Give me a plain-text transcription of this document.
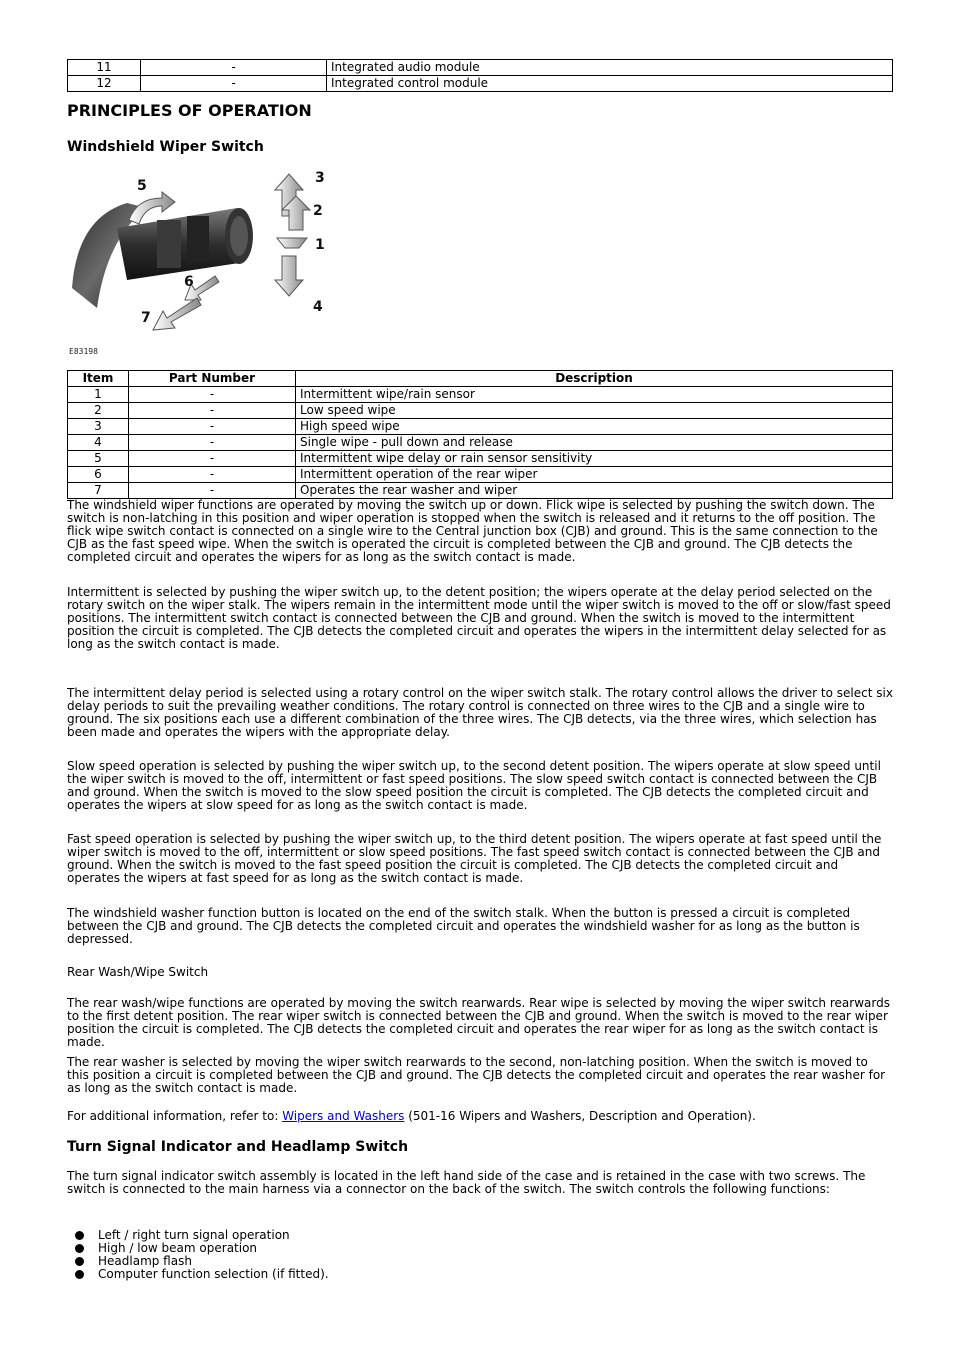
11	-	Integrated audio module
12	-	Integrated control module
PRINCIPLES OF OPERATION
Windshield Wiper Switch
3
2
1
4
5
6
7
E83198
Item	Part Number	Description
1	-	Intermittent wipe/rain sensor
2	-	Low speed wipe
3	-	High speed wipe
4	-	Single wipe - pull down and release
5	-	Intermittent wipe delay or rain sensor sensitivity
6	-	Intermittent operation of the rear wiper
7	-	Operates the rear washer and wiper

The windshield wiper functions are operated by moving the switch up or down. Flick wipe is selected by pushing the switch down. The switch is non-latching in this position and wiper operation is stopped when the switch is released and it returns to the off position. The flick wipe switch contact is connected on a single wire to the Central junction box (CJB) and ground. This is the same connection to the CJB as the fast speed wipe. When the switch is operated the circuit is completed between the CJB and ground. The CJB detects the completed circuit and operates the wipers for as long as the switch contact is made.

Intermittent is selected by pushing the wiper switch up, to the detent position; the wipers operate at the delay period selected on the rotary switch on the wiper stalk. The wipers remain in the intermittent mode until the wiper switch is moved to the off or slow/fast speed positions. The intermittent switch contact is connected between the CJB and ground. When the switch is moved to the intermittent position the circuit is completed. The CJB detects the completed circuit and operates the wipers in the intermittent delay selected for as long as the switch contact is made.

The intermittent delay period is selected using a rotary control on the wiper switch stalk. The rotary control allows the driver to select six delay periods to suit the prevailing weather conditions. The rotary control is connected on three wires to the CJB and a single wire to ground. The six positions each use a different combination of the three wires. The CJB detects, via the three wires, which selection has been made and operates the wipers with the appropriate delay.

Slow speed operation is selected by pushing the wiper switch up, to the second detent position. The wipers operate at slow speed until the wiper switch is moved to the off, intermittent or fast speed positions. The slow speed switch contact is connected between the CJB and ground. When the switch is moved to the slow speed position the circuit is completed. The CJB detects the completed circuit and operates the wipers at slow speed for as long as the switch contact is made.

Fast speed operation is selected by pushing the wiper switch up, to the third detent position. The wipers operate at fast speed until the wiper switch is moved to the off, intermittent or slow speed positions. The fast speed switch contact is connected between the CJB and ground. When the switch is moved to the fast speed position the circuit is completed. The CJB detects the completed circuit and operates the wipers at fast speed for as long as the switch contact is made.

The windshield washer function button is located on the end of the switch stalk. When the button is pressed a circuit is completed between the CJB and ground. The CJB detects the completed circuit and operates the windshield washer for as long as the button is depressed.

Rear Wash/Wipe Switch

The rear wash/wipe functions are operated by moving the switch rearwards. Rear wipe is selected by moving the wiper switch rearwards to the first detent position. The rear wiper switch is connected between the CJB and ground. When the switch is moved to the rear wiper position the circuit is completed. The CJB detects the completed circuit and operates the rear wiper for as long as the switch contact is made.

The rear washer is selected by moving the wiper switch rearwards to the second, non-latching position. When the switch is moved to this position a circuit is completed between the CJB and ground. The CJB detects the completed circuit and operates the rear washer for as long as the switch contact is made.

For additional information, refer to: Wipers and Washers (501-16 Wipers and Washers, Description and Operation).

Turn Signal Indicator and Headlamp Switch

The turn signal indicator switch assembly is located in the left hand side of the case and is retained in the case with two screws. The switch is connected to the main harness via a connector on the back of the switch. The switch controls the following functions:

Left / right turn signal operation
High / low beam operation
Headlamp flash
Computer function selection (if fitted).
